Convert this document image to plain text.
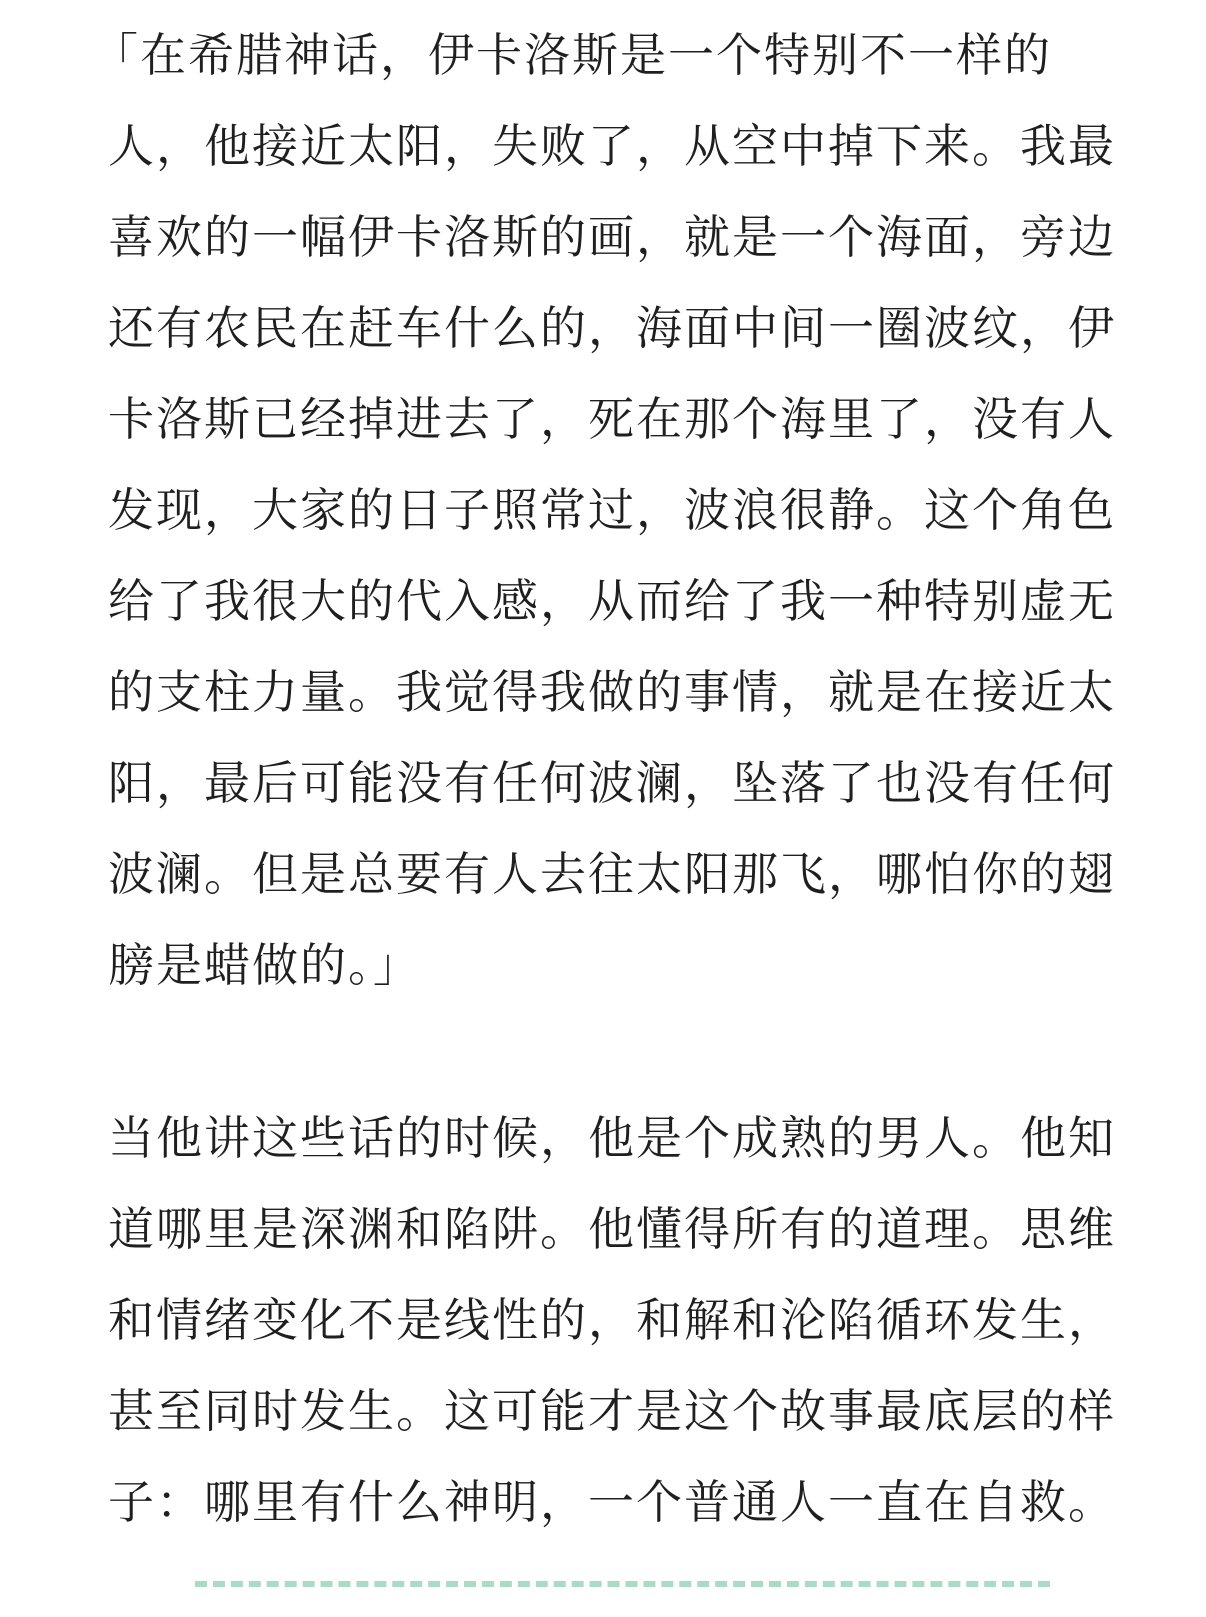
「在希腊神话，伊卡洛斯是一个特别不一样的
人，他接近太阳，失败了，从空中掉下来。我最
喜欢的一幅伊卡洛斯的画，就是一个海面，旁边
还有农民在赶车什么的，海面中间一圈波纹，伊
卡洛斯已经掉进去了，死在那个海里了，没有人
发现，大家的日子照常过，波浪很静。这个角色
给了我很大的代入感，从而给了我一种特别虚无
的支柱力量。我觉得我做的事情，就是在接近太
阳，最后可能没有任何波澜，坠落了也没有任何
波澜。但是总要有人去往太阳那飞，哪怕你的翅
膀是蜡做的。」
当他讲这些话的时候，他是个成熟的男人。他知
道哪里是深渊和陷阱。他懂得所有的道理。思维
和情绪变化不是线性的，和解和沦陷循环发生，
甚至同时发生。这可能才是这个故事最底层的样
子：哪里有什么神明，一个普通人一直在自救。
